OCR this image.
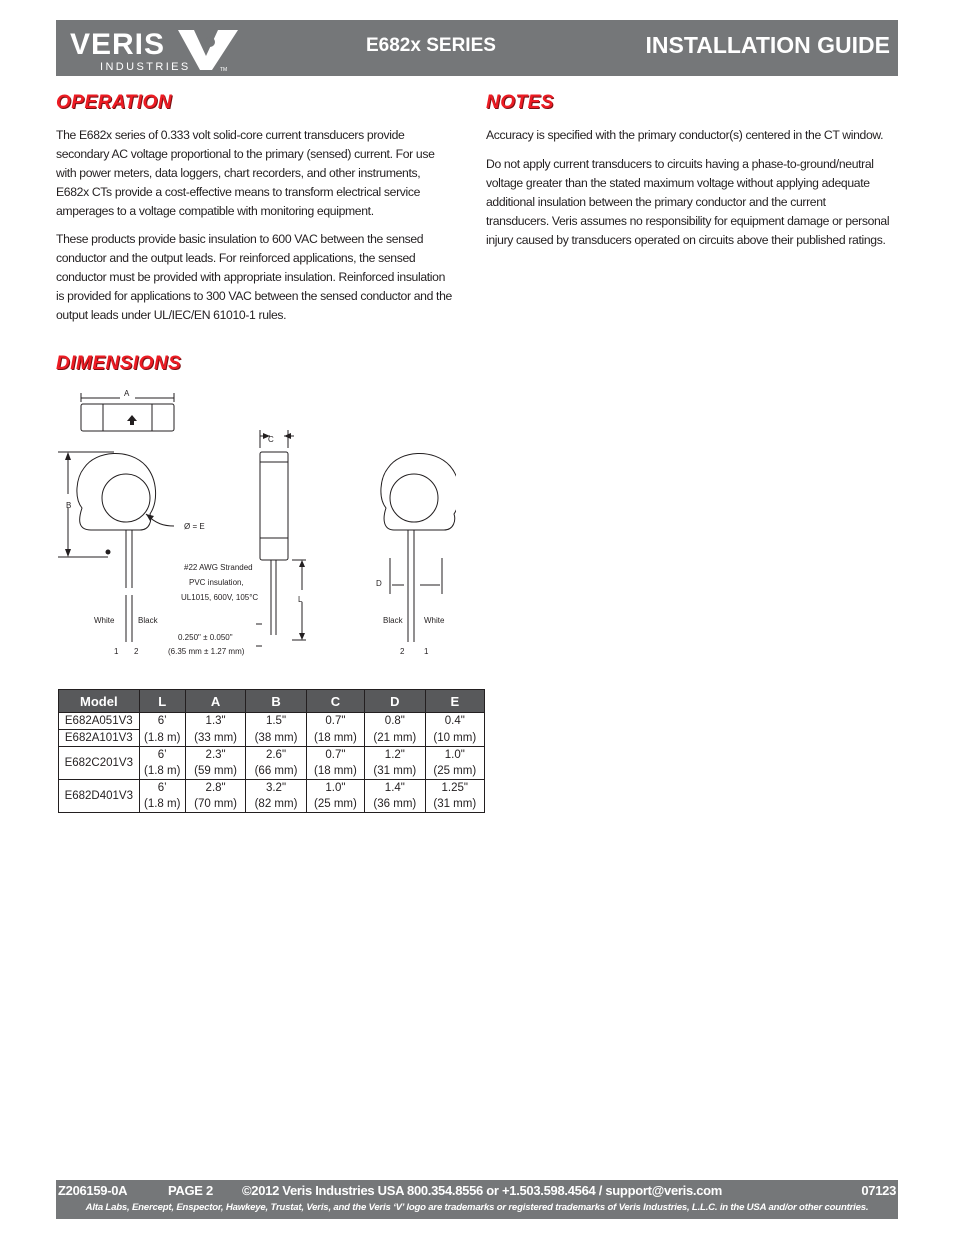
VERIS
INDUSTRIES	TM
E682x SERIES	INSTALLATION GUIDE
OPERATION

The E682x series of 0.333 volt solid-core current transducers provide secondary AC voltage proportional to the primary (sensed) current. For use with power meters, data loggers, chart recorders, and other instruments, E682x CTs provide a cost-effective means to transform electrical service amperages to a voltage compatible with monitoring equipment.

These products provide basic insulation to 600 VAC between the sensed conductor and the output leads. For reinforced applications, the sensed conductor must be provided with appropriate insulation. Reinforced insulation is provided for applications to 300 VAC between the sensed conductor and the output leads under UL/IEC/EN 61010-1 rules.

NOTES

Accuracy is specified with the primary conductor(s) centered in the CT window.

Do not apply current transducers to circuits having a phase-to-ground/neutral voltage greater than the stated maximum voltage without applying adequate additional insulation between the primary conductor and the current transducers. Veris assumes no responsibility for equipment damage or personal injury caused by transducers operated on circuits above their published ratings.

DIMENSIONS
A
B
C
D
L
Ø = E
#22 AWG Stranded
PVC insulation,
UL1015, 600V, 105°C
0.250" ± 0.050"
(6.35 mm ± 1.27 mm)
White	Black
1 2
Black	White
2 1
Model	L	A	B	C	D	E
E682A051V3	6’	1.3"	1.5"	0.7"	0.8"	0.4"
E682A101V3	(1.8 m)	(33 mm)	(38 mm)	(18 mm)	(21 mm)	(10 mm)
E682C201V3	6’	2.3"	2.6"	0.7"	1.2"	1.0"
	(1.8 m)	(59 mm)	(66 mm)	(18 mm)	(31 mm)	(25 mm)
E682D401V3	6’	2.8"	3.2"	1.0"	1.4"	1.25"
	(1.8 m)	(70 mm)	(82 mm)	(25 mm)	(36 mm)	(31 mm)
Z206159-0A	PAGE 2 ©2012 Veris Industries USA 800.354.8556 or +1.503.598.4564 / support@veris.com	07123
Alta Labs, Enercept, Enspector, Hawkeye, Trustat, Veris, and the Veris ‘V’ logo are trademarks or registered trademarks of Veris Industries, L.L.C. in the USA and/or other countries.
